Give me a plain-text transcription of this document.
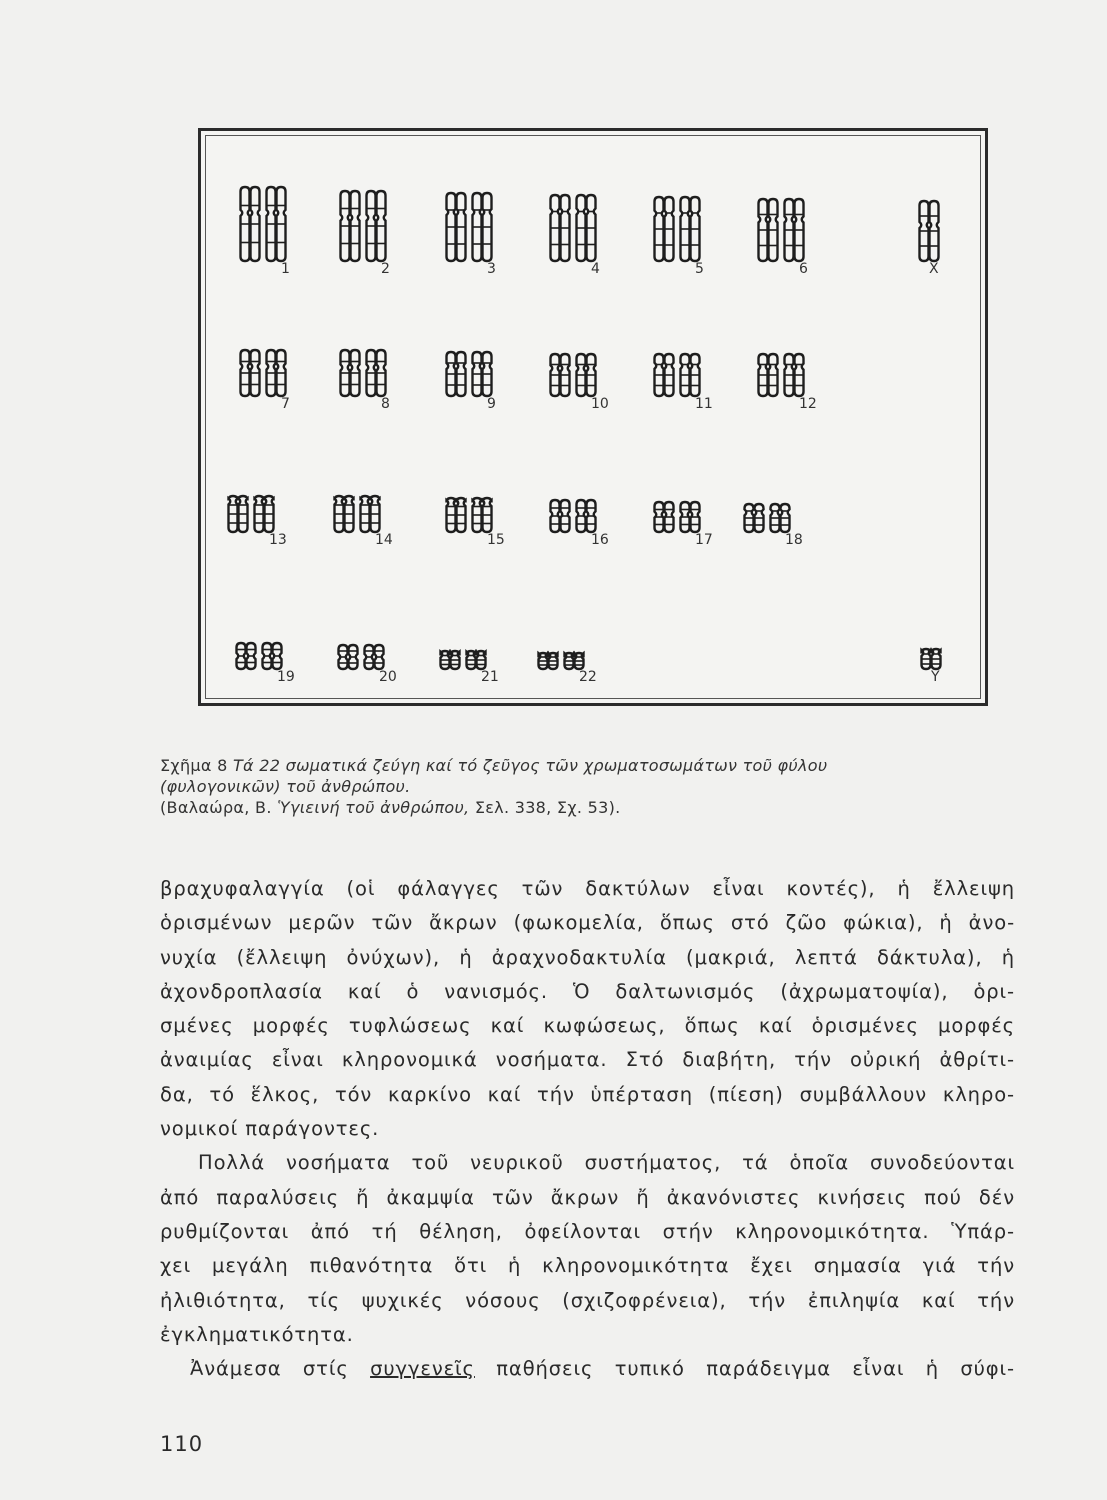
1	2	3	4	5	6	X
7	8	9	10	11	12
13	14	15	16	17	18
19	20	21	22	Y
Σχῆμα 8 Τά 22 σωματικά ζεύγη καί τό ζεῦγος τῶν χρωματοσωμάτων τοῦ φύλου
(φυλογονικῶν) τοῦ ἀνθρώπου.
(Βαλαώρα, Β. Ὑγιεινή τοῦ ἀνθρώπου, Σελ. 338, Σχ. 53).

βραχυφαλαγγία (οἱ φάλαγγες τῶν δακτύλων εἶναι κοντές), ἡ ἔλλειψη

ὁρισμένων μερῶν τῶν ἄκρων (φωκομελία, ὅπως στό ζῶο φώκια), ἡ ἀνο-

νυχία (ἔλλειψη ὀνύχων), ἡ ἀραχνοδακτυλία (μακριά, λεπτά δάκτυλα), ἡ

ἀχονδροπλασία καί ὁ νανισμός. Ὁ δαλτωνισμός (ἀχρωματοψία), ὁρι-

σμένες μορφές τυφλώσεως καί κωφώσεως, ὅπως καί ὁρισμένες μορφές

ἀναιμίας εἶναι κληρονομικά νοσήματα. Στό διαβήτη, τήν οὐρική ἀθρίτι-

δα, τό ἕλκος, τόν καρκίνο καί τήν ὑπέρταση (πίεση) συμβάλλουν κληρο-

νομικοί παράγοντες.

Πολλά νοσήματα τοῦ νευρικοῦ συστήματος, τά ὁποῖα συνοδεύονται

ἀπό παραλύσεις ἤ ἀκαμψία τῶν ἄκρων ἤ ἀκανόνιστες κινήσεις πού δέν

ρυθμίζονται ἀπό τή θέληση, ὀφείλονται στήν κληρονομικότητα. Ὑπάρ-

χει μεγάλη πιθανότητα ὅτι ἡ κληρονομικότητα ἔχει σημασία γιά τήν

ἠλιθιότητα, τίς ψυχικές νόσους (σχιζοφρένεια), τήν ἐπιληψία καί τήν

ἐγκληματικότητα.

Ἀνάμεσα στίς συγγενεῖς παθήσεις τυπικό παράδειγμα εἶναι ἡ σύφι-

110
